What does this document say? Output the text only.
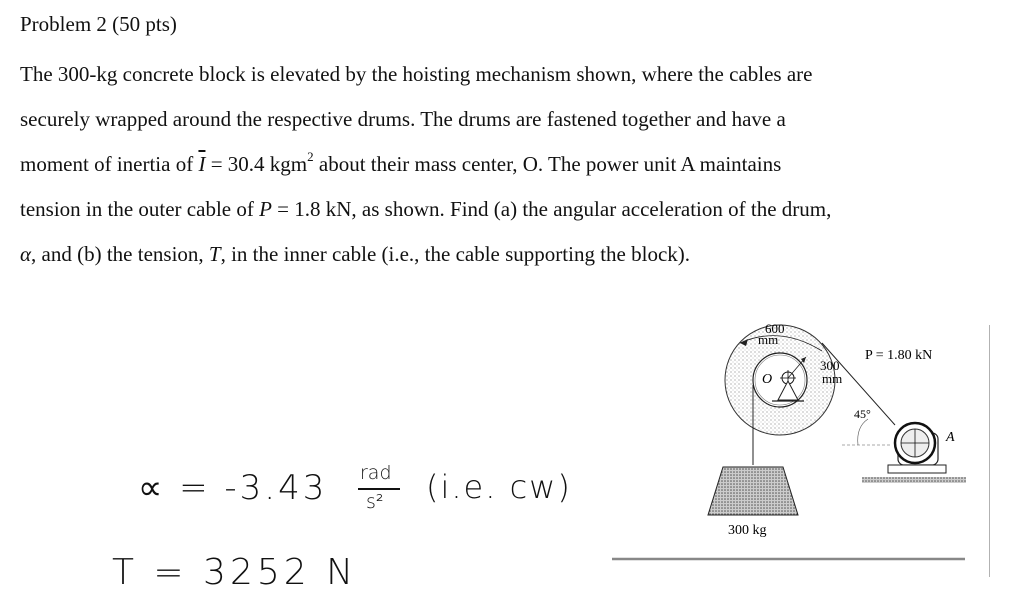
Problem 2 (50 pts)
The 300-kg concrete block is elevated by the hoisting mechanism shown, where the cables are
securely wrapped around the respective drums. The drums are fastened together and have a
moment of inertia of $\overline{I} = 30.4$ kgm$^2$ about their mass center, O. The power unit A maintains
tension in the outer cable of P = 1.8 kN, as shown. Find (a) the angular acceleration of the drum,
α, and (b) the tension, T, in the inner cable (i.e., the cable supporting the block).
∝ = -3.43 rad
s² (i.e. cw)
T = 3252 N
O
600
mm
300
mm
300 kg
P = 1.80 kN
45°
A
